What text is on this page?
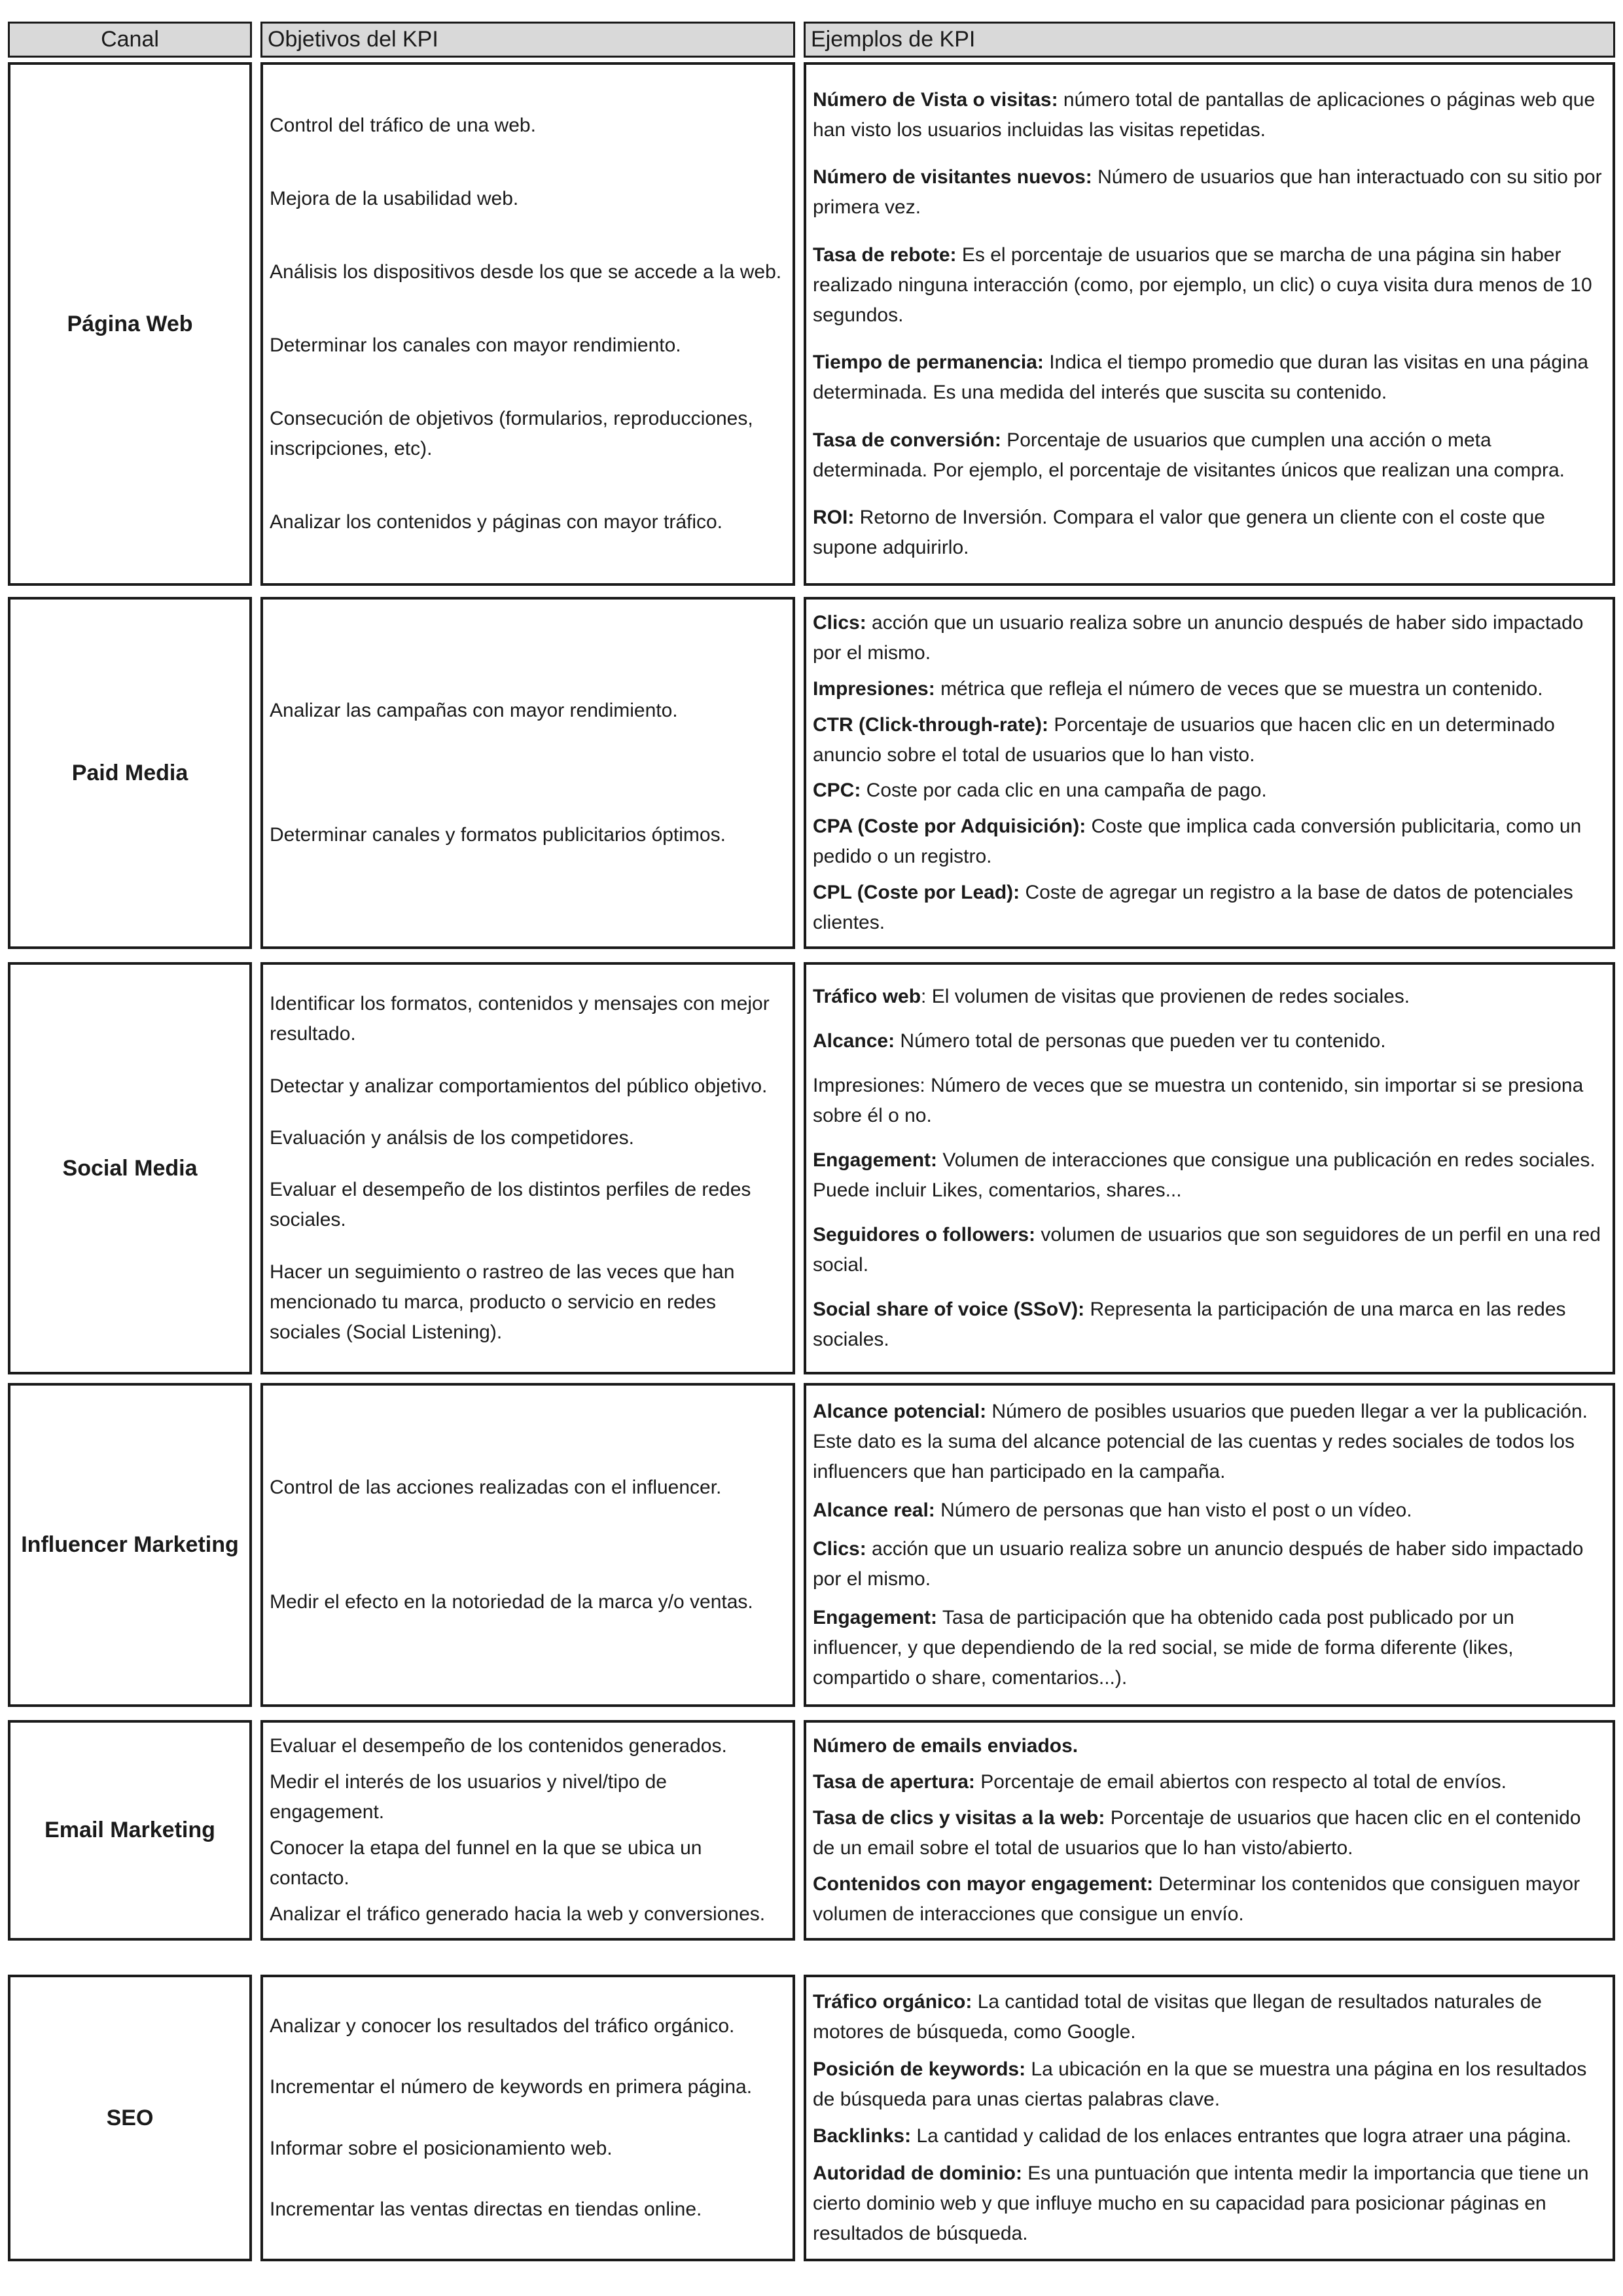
Canal	Objetivos del KPI	Ejemplos de KPI
Página Web

Control del tráfico de una web.

Mejora de la usabilidad web.

Análisis los dispositivos desde los que se accede a la web.

Determinar los canales con mayor rendimiento.

Consecución de objetivos (formularios, reproducciones, inscripciones, etc).

Analizar los contenidos y páginas con mayor tráfico.

Número de Vista o visitas: número total de pantallas de aplicaciones o páginas web que han visto los usuarios incluidas las visitas repetidas.

Número de visitantes nuevos: Número de usuarios que han interactuado con su sitio por primera vez.

Tasa de rebote: Es el porcentaje de usuarios que se marcha de una página sin haber realizado ninguna interacción (como, por ejemplo, un clic) o cuya visita dura menos de 10 segundos.

Tiempo de permanencia: Indica el tiempo promedio que duran las visitas en una página determinada. Es una medida del interés que suscita su contenido.

Tasa de conversión: Porcentaje de usuarios que cumplen una acción o meta determinada. Por ejemplo, el porcentaje de visitantes únicos que realizan una compra.

ROI: Retorno de Inversión. Compara el valor que genera un cliente con el coste que supone adquirirlo.

Paid Media

Analizar las campañas con mayor rendimiento.

Determinar canales y formatos publicitarios óptimos.

Clics: acción que un usuario realiza sobre un anuncio después de haber sido impactado por el mismo.

Impresiones: métrica que refleja el número de veces que se muestra un contenido.

CTR (Click-through-rate): Porcentaje de usuarios que hacen clic en un determinado anuncio sobre el total de usuarios que lo han visto.

CPC: Coste por cada clic en una campaña de pago.

CPA (Coste por Adquisición): Coste que implica cada conversión publicitaria, como un pedido o un registro.

CPL (Coste por Lead): Coste de agregar un registro a la base de datos de potenciales clientes.

Social Media

Identificar los formatos, contenidos y mensajes con mejor resultado.

Detectar y analizar comportamientos del público objetivo.

Evaluación y análsis de los competidores.

Evaluar el desempeño de los distintos perfiles de redes sociales.

Hacer un seguimiento o rastreo de las veces que han mencionado tu marca, producto o servicio en redes sociales (Social Listening).

Tráfico web: El volumen de visitas que provienen de redes sociales.

Alcance: Número total de personas que pueden ver tu contenido.

Impresiones: Número de veces que se muestra un contenido, sin importar si se presiona sobre él o no.

Engagement: Volumen de interacciones que consigue una publicación en redes sociales. Puede incluir Likes, comentarios, shares...

Seguidores o followers: volumen de usuarios que son seguidores de un perfil en una red social.

Social share of voice (SSoV): Representa la participación de una marca en las redes sociales.

Influencer Marketing

Control de las acciones realizadas con el influencer.

Medir el efecto en la notoriedad de la marca y/o ventas.

Alcance potencial: Número de posibles usuarios que pueden llegar a ver la publicación. Este dato es la suma del alcance potencial de las cuentas y redes sociales de todos los influencers que han participado en la campaña.

Alcance real: Número de personas que han visto el post o un vídeo.

Clics: acción que un usuario realiza sobre un anuncio después de haber sido impactado por el mismo.

Engagement: Tasa de participación que ha obtenido cada post publicado por un influencer, y que dependiendo de la red social, se mide de forma diferente (likes, compartido o share, comentarios...).

Email Marketing

Evaluar el desempeño de los contenidos generados.

Medir el interés de los usuarios y nivel/tipo de engagement.

Conocer la etapa del funnel en la que se ubica un contacto.

Analizar el tráfico generado hacia la web y conversiones.

Número de emails enviados.

Tasa de apertura: Porcentaje de email abiertos con respecto al total de envíos.

Tasa de clics y visitas a la web: Porcentaje de usuarios que hacen clic en el contenido de un email sobre el total de usuarios que lo han visto/abierto.

Contenidos con mayor engagement: Determinar los contenidos que consiguen mayor volumen de interacciones que consigue un envío.

SEO

Analizar y conocer los resultados del tráfico orgánico.

Incrementar el número de keywords en primera página.

Informar sobre el posicionamiento web.

Incrementar las ventas directas en tiendas online.

Tráfico orgánico: La cantidad total de visitas que llegan de resultados naturales de motores de búsqueda, como Google.

Posición de keywords: La ubicación en la que se muestra una página en los resultados de búsqueda para unas ciertas palabras clave.

Backlinks: La cantidad y calidad de los enlaces entrantes que logra atraer una página.

Autoridad de dominio: Es una puntuación que intenta medir la importancia que tiene un cierto dominio web y que influye mucho en su capacidad para posicionar páginas en resultados de búsqueda.
